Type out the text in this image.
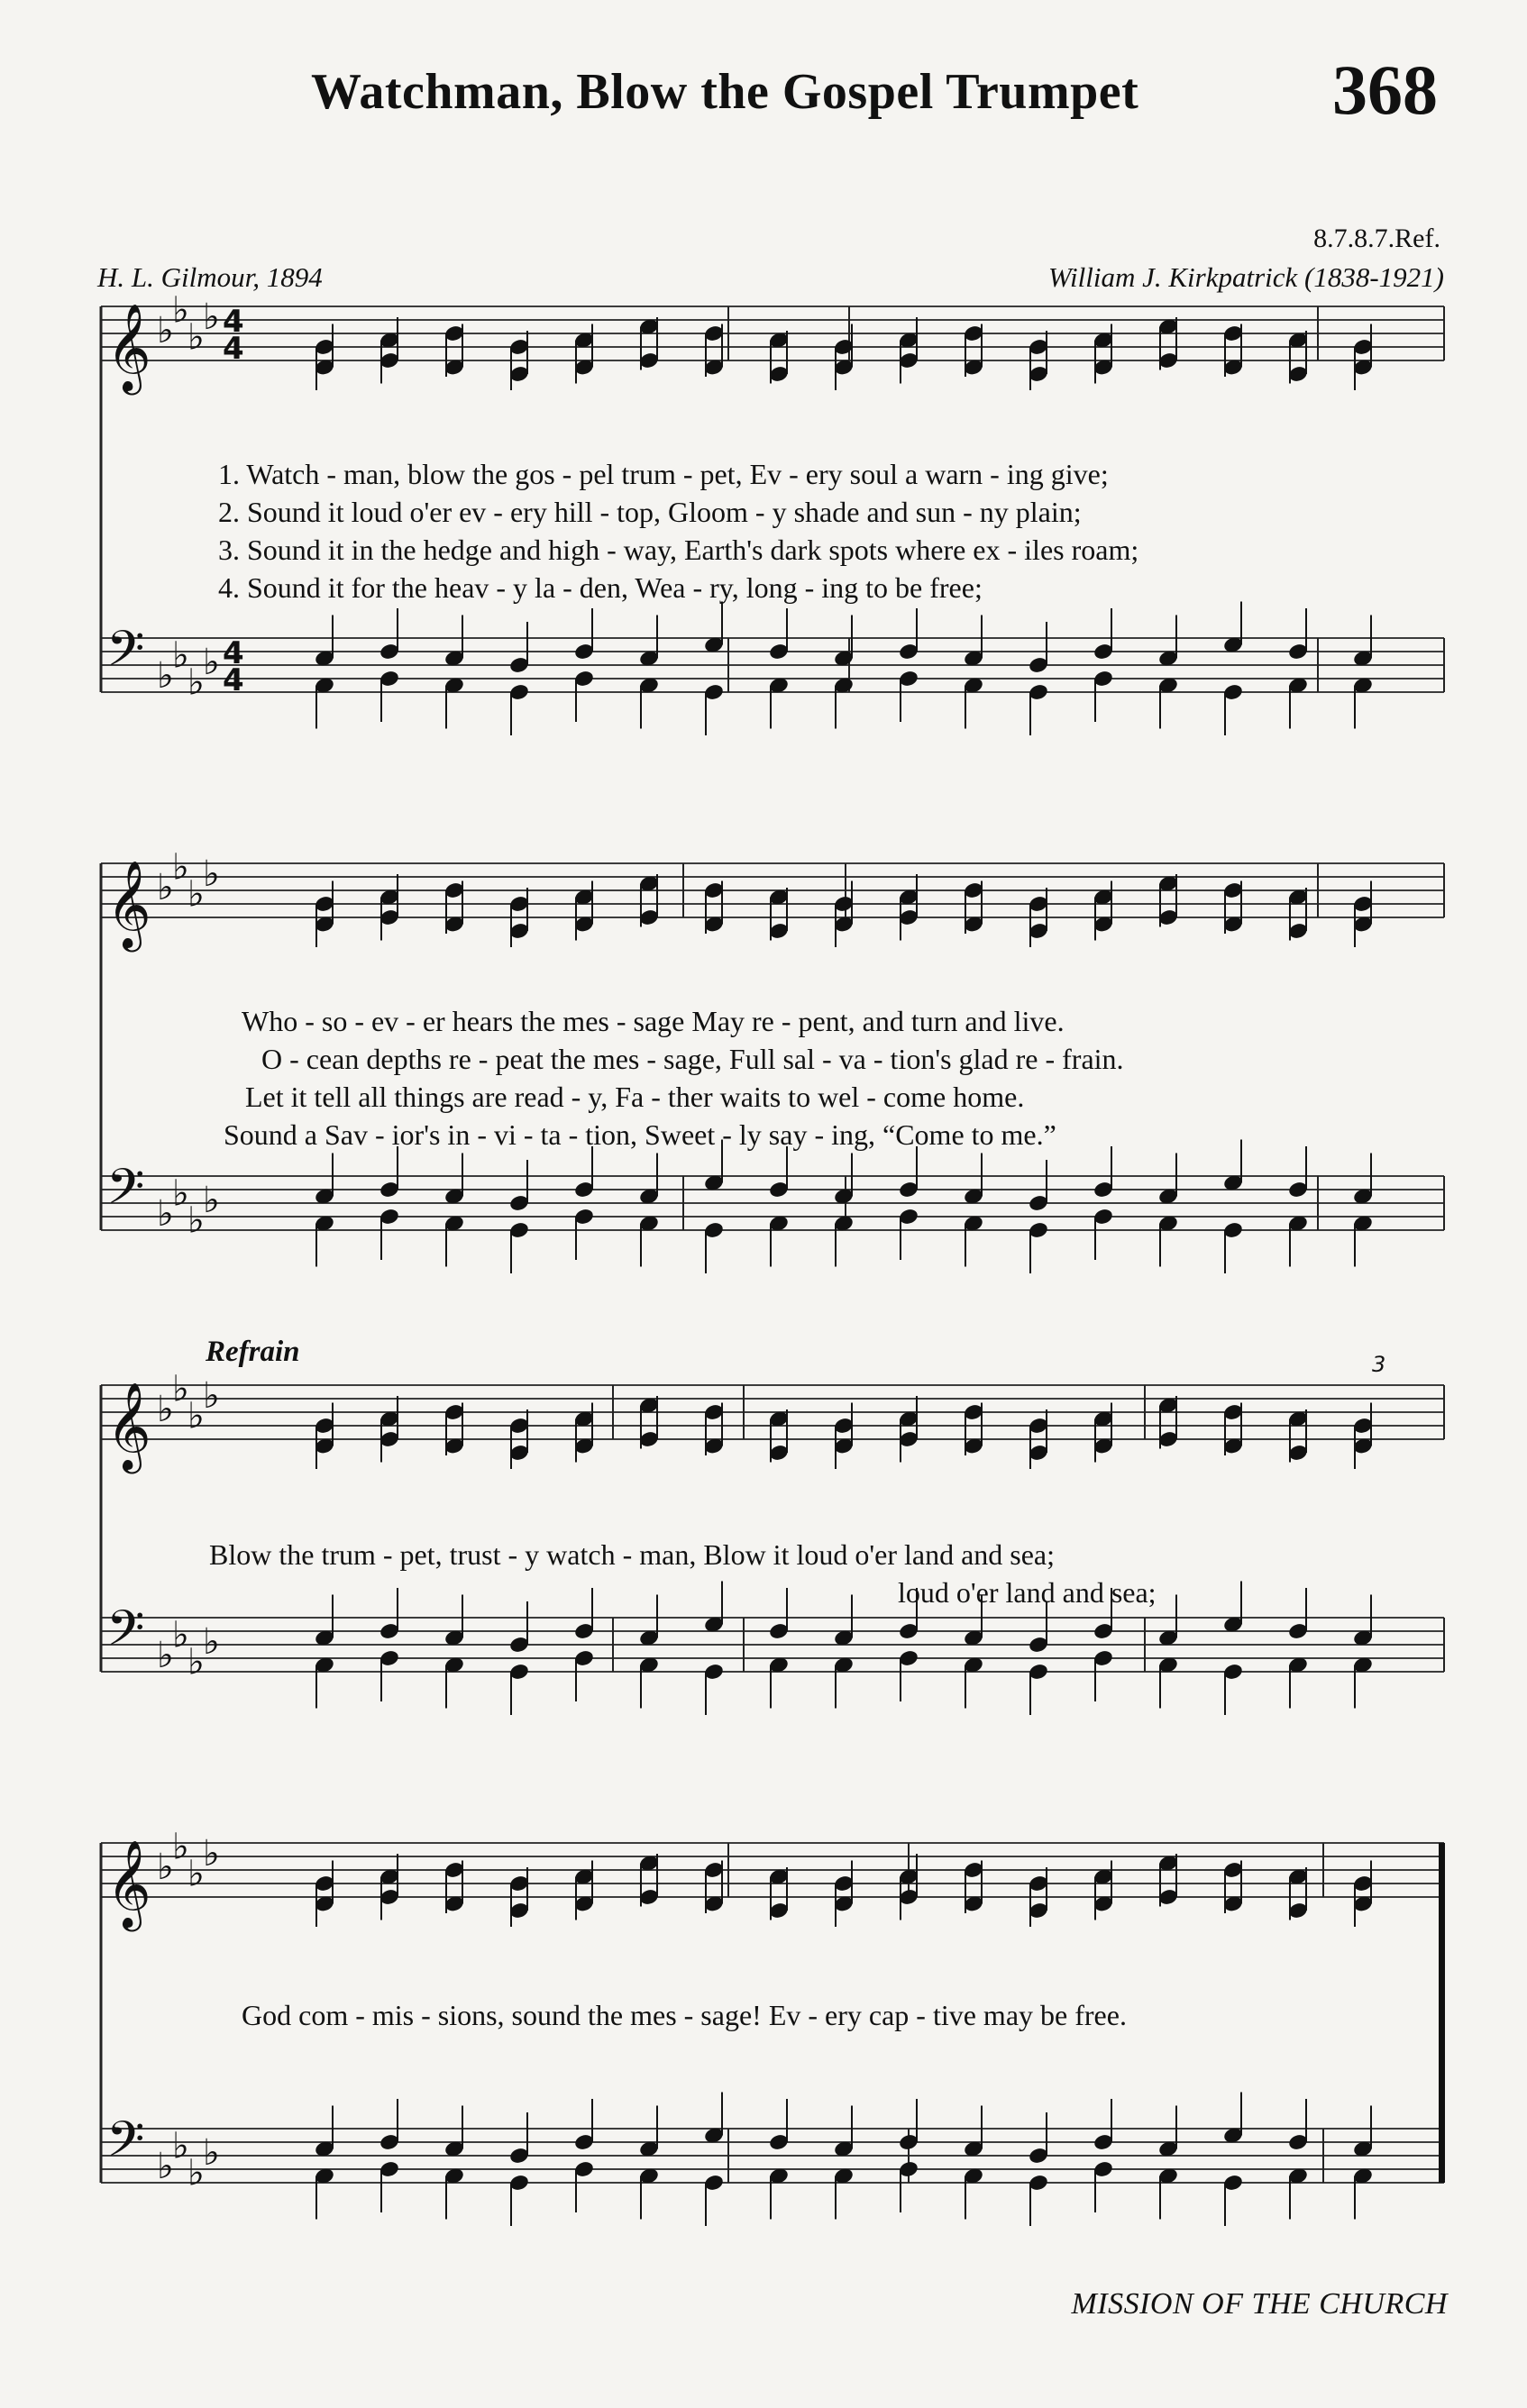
Watchman, Blow the Gospel Trumpet	368
8.7.8.7.Ref.
H. L. Gilmour, 1894	William J. Kirkpatrick (1838-1921)
1. Watch - man, blow the gos - pel trum - pet, Ev - ery soul a warn - ing give;
2. Sound it loud o'er ev - ery hill - top, Gloom - y shade and sun - ny plain;
3. Sound it in the hedge and high - way, Earth's dark spots where ex - iles roam;
4. Sound it for the heav - y la - den, Wea - ry, long - ing to be free;
Who - so - ev - er hears the mes - sage May re - pent, and turn and live.
O - cean depths re - peat the mes - sage, Full sal - va - tion's glad re - frain.
Let it tell all things are read - y, Fa - ther waits to wel - come home.
Sound a Sav - ior's in - vi - ta - tion, Sweet - ly say - ing, “Come to me.”
Refrain
Blow the trum - pet, trust - y watch - man, Blow it loud o'er land and sea;
loud o'er land and sea;
God com - mis - sions, sound the mes - sage! Ev - ery cap - tive may be free.
MISSION OF THE CHURCH
𝄞 ♭
♭
♭
♭
𝄢 ♭
♭
♭
♭
4
4
4
4
𝄞 ♭
♭
♭
♭
𝄢 ♭
♭
♭
♭
𝄞 ♭
♭
♭
♭
𝄢 ♭
♭
♭
♭
𝄞 ♭
♭
♭
♭
𝄢 ♭
♭
♭
♭
3
